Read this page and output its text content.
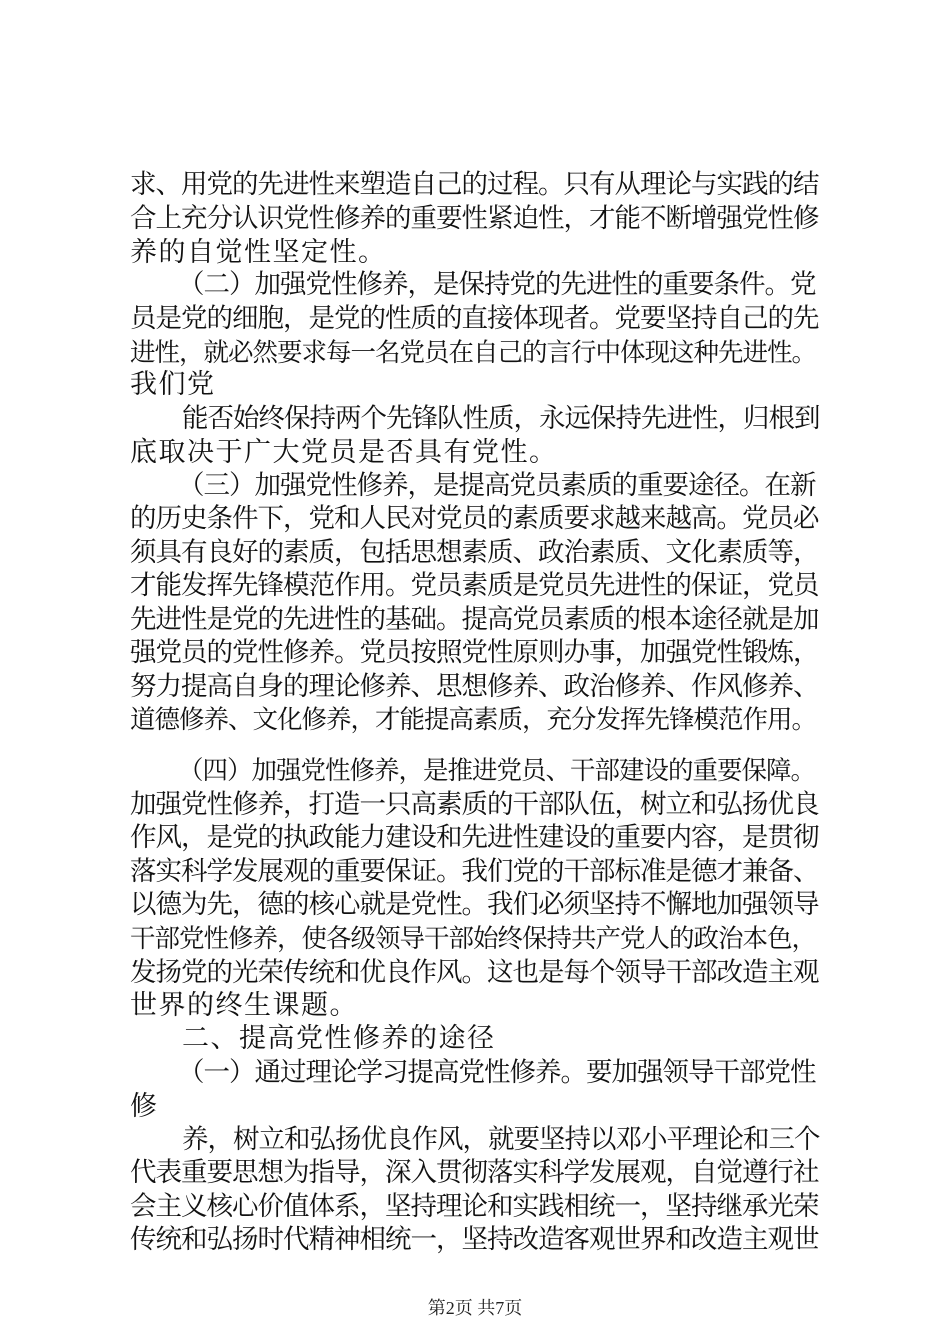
求、用党的先进性来塑造自己的过程。只有从理论与实践的结
合上充分认识党性修养的重要性紧迫性，才能不断增强党性修
养的自觉性坚定性。
（二）加强党性修养，是保持党的先进性的重要条件。党
员是党的细胞，是党的性质的直接体现者。党要坚持自己的先
进性，就必然要求每一名党员在自己的言行中体现这种先进性。
我们党
能否始终保持两个先锋队性质，永远保持先进性，归根到
底取决于广大党员是否具有党性。
（三）加强党性修养，是提高党员素质的重要途径。在新
的历史条件下，党和人民对党员的素质要求越来越高。党员必
须具有良好的素质，包括思想素质、政治素质、文化素质等，
才能发挥先锋模范作用。党员素质是党员先进性的保证，党员
先进性是党的先进性的基础。提高党员素质的根本途径就是加
强党员的党性修养。党员按照党性原则办事，加强党性锻炼，
努力提高自身的理论修养、思想修养、政治修养、作风修养、
道德修养、文化修养，才能提高素质，充分发挥先锋模范作用。
（四）加强党性修养，是推进党员、干部建设的重要保障。
加强党性修养，打造一只高素质的干部队伍，树立和弘扬优良
作风，是党的执政能力建设和先进性建设的重要内容，是贯彻
落实科学发展观的重要保证。我们党的干部标准是德才兼备、
以德为先，德的核心就是党性。我们必须坚持不懈地加强领导
干部党性修养，使各级领导干部始终保持共产党人的政治本色，
发扬党的光荣传统和优良作风。这也是每个领导干部改造主观
世界的终生课题。
二、提高党性修养的途径
（一）通过理论学习提高党性修养。要加强领导干部党性
修
养，树立和弘扬优良作风，就要坚持以邓小平理论和三个
代表重要思想为指导，深入贯彻落实科学发展观，自觉遵行社
会主义核心价值体系，坚持理论和实践相统一，坚持继承光荣
传统和弘扬时代精神相统一，坚持改造客观世界和改造主观世
第2页 共7页
